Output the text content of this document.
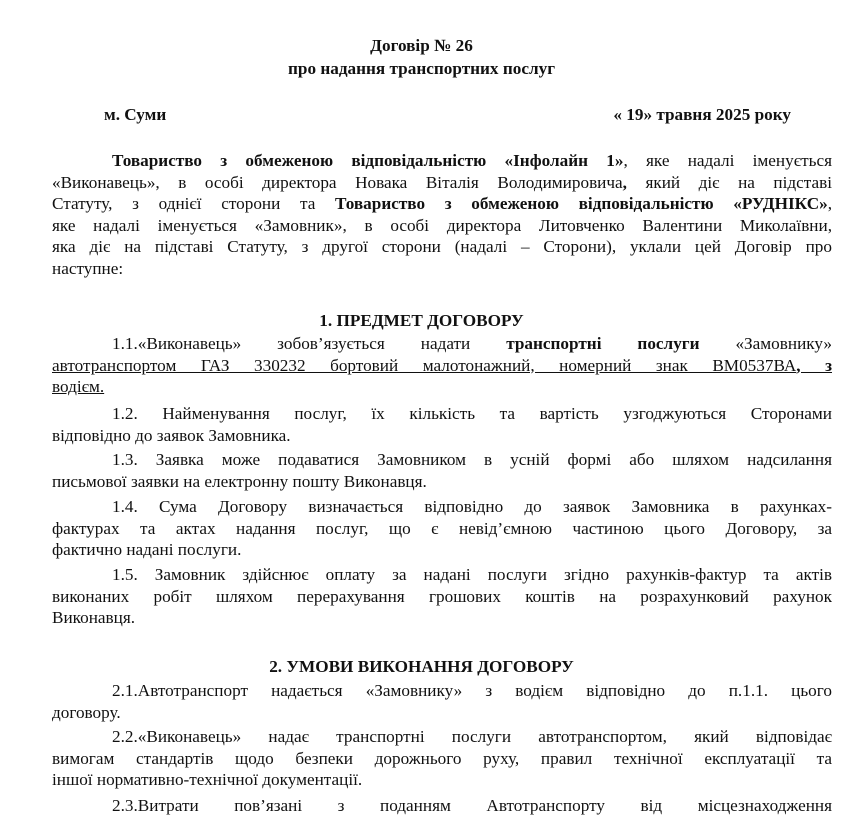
Договір № 26
про надання транспортних послуг
м. Суми	« 19» травня 2025 року
Товариство з обмеженою відповідальністю «Інфолайн 1», яке надалі іменується
«Виконавець», в особі директора Новака Віталія Володимировича, який діє на підставі
Статуту, з однієї сторони та Товариство з обмеженою відповідальністю «РУДНІКС»,
яке надалі іменується «Замовник», в особі директора Литовченко Валентини Миколаївни,
яка діє на підставі Статуту, з другої сторони (надалі – Сторони), уклали цей Договір про
наступне:
1. ПРЕДМЕТ ДОГОВОРУ
1.1.«Виконавець» зобов’язується надати транспортні послуги «Замовнику»
автотранспортом ГАЗ 330232 бортовий малотонажний, номерний знак ВМ0537ВА, з
водієм.
1.2. Найменування послуг, їх кількість та вартість узгоджуються Сторонами
відповідно до заявок Замовника.
1.3. Заявка може подаватися Замовником в усній формі або шляхом надсилання
письмової заявки на електронну пошту Виконавця.
1.4. Сума Договору визначається відповідно до заявок Замовника в рахунках-
фактурах та актах надання послуг, що є невід’ємною частиною цього Договору, за
фактично надані послуги.
1.5. Замовник здійснює оплату за надані послуги згідно рахунків-фактур та актів
виконаних робіт шляхом перерахування грошових коштів на розрахунковий рахунок
Виконавця.
2. УМОВИ ВИКОНАННЯ ДОГОВОРУ
2.1.Автотранспорт надається «Замовнику» з водієм відповідно до п.1.1. цього
договору.
2.2.«Виконавець» надає транспортні послуги автотранспортом, який відповідає
вимогам стандартів щодо безпеки дорожнього руху, правил технічної експлуатації та
іншої нормативно-технічної документації.
2.3.Витрати пов’язані з поданням Автотранспорту від місцезнаходження
